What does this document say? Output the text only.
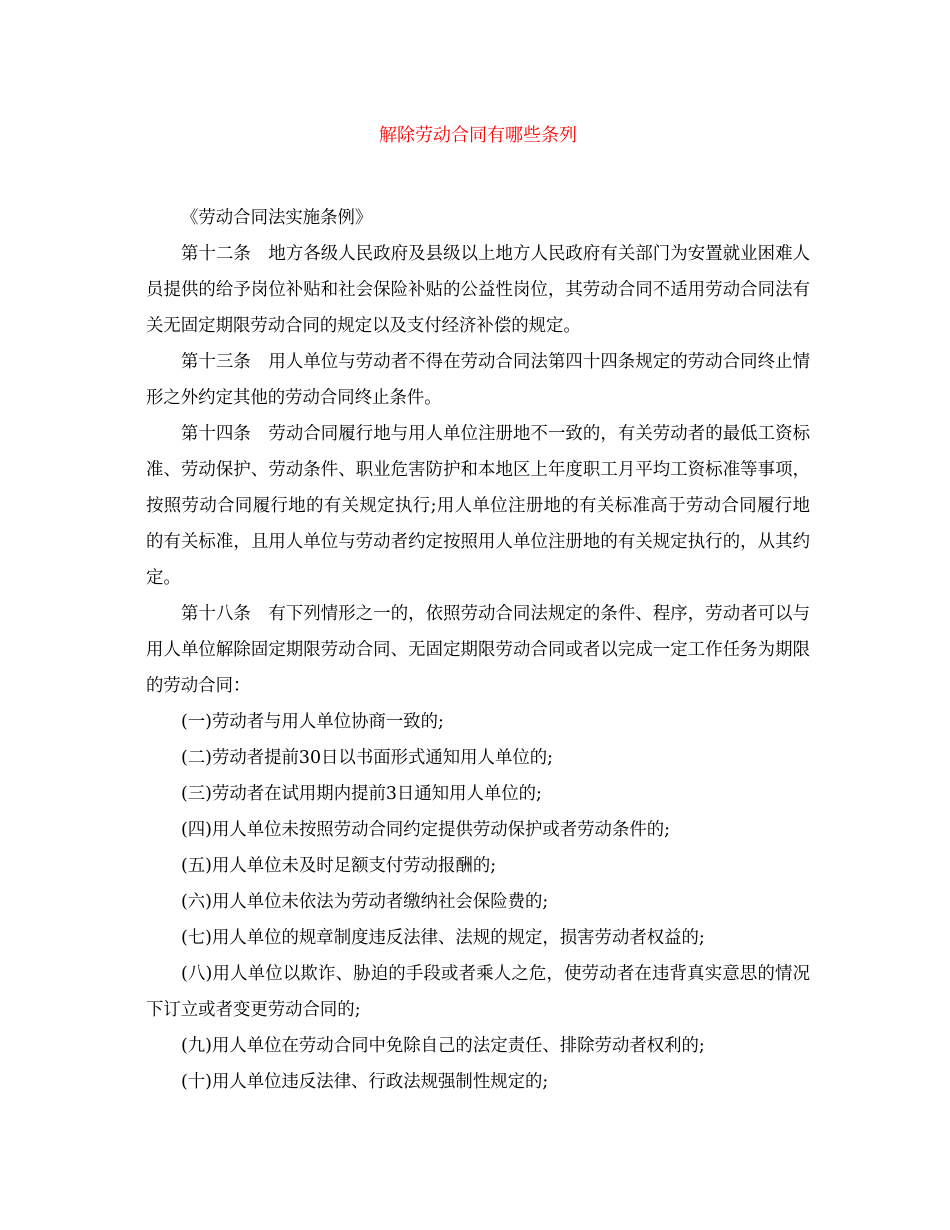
解除劳动合同有哪些条列

《劳动合同法实施条例》

第十二条　地方各级人民政府及县级以上地方人民政府有关部门为安置就业困难人员提供的给予岗位补贴和社会保险补贴的公益性岗位，其劳动合同不适用劳动合同法有关无固定期限劳动合同的规定以及支付经济补偿的规定。

第十三条　用人单位与劳动者不得在劳动合同法第四十四条规定的劳动合同终止情形之外约定其他的劳动合同终止条件。

第十四条　劳动合同履行地与用人单位注册地不一致的，有关劳动者的最低工资标准、劳动保护、劳动条件、职业危害防护和本地区上年度职工月平均工资标准等事项，按照劳动合同履行地的有关规定执行;用人单位注册地的有关标准高于劳动合同履行地的有关标准，且用人单位与劳动者约定按照用人单位注册地的有关规定执行的，从其约定。

第十八条　有下列情形之一的，依照劳动合同法规定的条件、程序，劳动者可以与用人单位解除固定期限劳动合同、无固定期限劳动合同或者以完成一定工作任务为期限的劳动合同：

(一)劳动者与用人单位协商一致的;

(二)劳动者提前30日以书面形式通知用人单位的;

(三)劳动者在试用期内提前3日通知用人单位的;

(四)用人单位未按照劳动合同约定提供劳动保护或者劳动条件的;

(五)用人单位未及时足额支付劳动报酬的;

(六)用人单位未依法为劳动者缴纳社会保险费的;

(七)用人单位的规章制度违反法律、法规的规定，损害劳动者权益的;

(八)用人单位以欺诈、胁迫的手段或者乘人之危，使劳动者在违背真实意思的情况下订立或者变更劳动合同的;

(九)用人单位在劳动合同中免除自己的法定责任、排除劳动者权利的;

(十)用人单位违反法律、行政法规强制性规定的;
